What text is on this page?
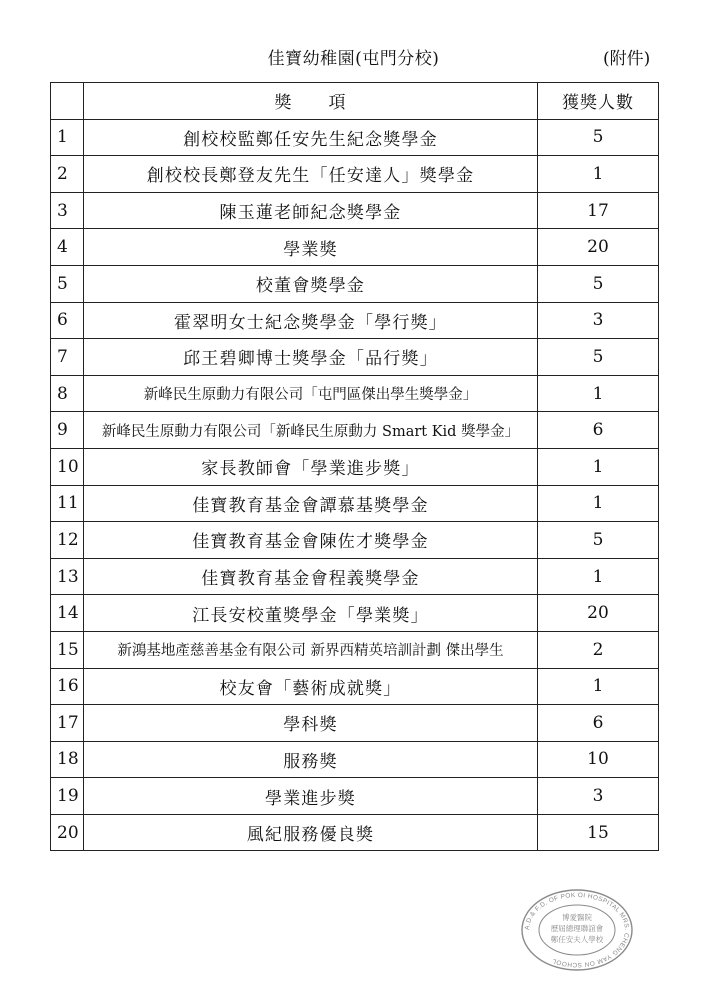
佳寶幼稚園(屯門分校)	(附件)
	獎　　項	獲獎人數
1	創校校監鄭任安先生紀念獎學金	5
2	創校校長鄭登友先生「任安達人」獎學金	1
3	陳玉蓮老師紀念獎學金	17
4	學業獎	20
5	校董會獎學金	5
6	霍翠明女士紀念獎學金「學行獎」	3
7	邱王碧卿博士獎學金「品行獎」	5
8	新峰民生原動力有限公司「屯門區傑出學生獎學金」	1
9	新峰民生原動力有限公司「新峰民生原動力 Smart Kid 獎學金」	6
10	家長教師會「學業進步獎」	1
11	佳寶教育基金會譚慕基獎學金	1
12	佳寶教育基金會陳佐才獎學金	5
13	佳寶教育基金會程義獎學金	1
14	江長安校董獎學金「學業獎」	20
15	新鴻基地產慈善基金有限公司 新界西精英培訓計劃 傑出學生	2
16	校友會「藝術成就獎」	1
17	學科獎	6
18	服務獎	10
19	學業進步獎	3
20	風紀服務優良獎	15
A.D.& F.D. OF POK OI HOSPITAL MRS. CHENG YAM ON SCHOOL
博愛醫院
歷屆總理聯誼會
鄭任安夫人學校
